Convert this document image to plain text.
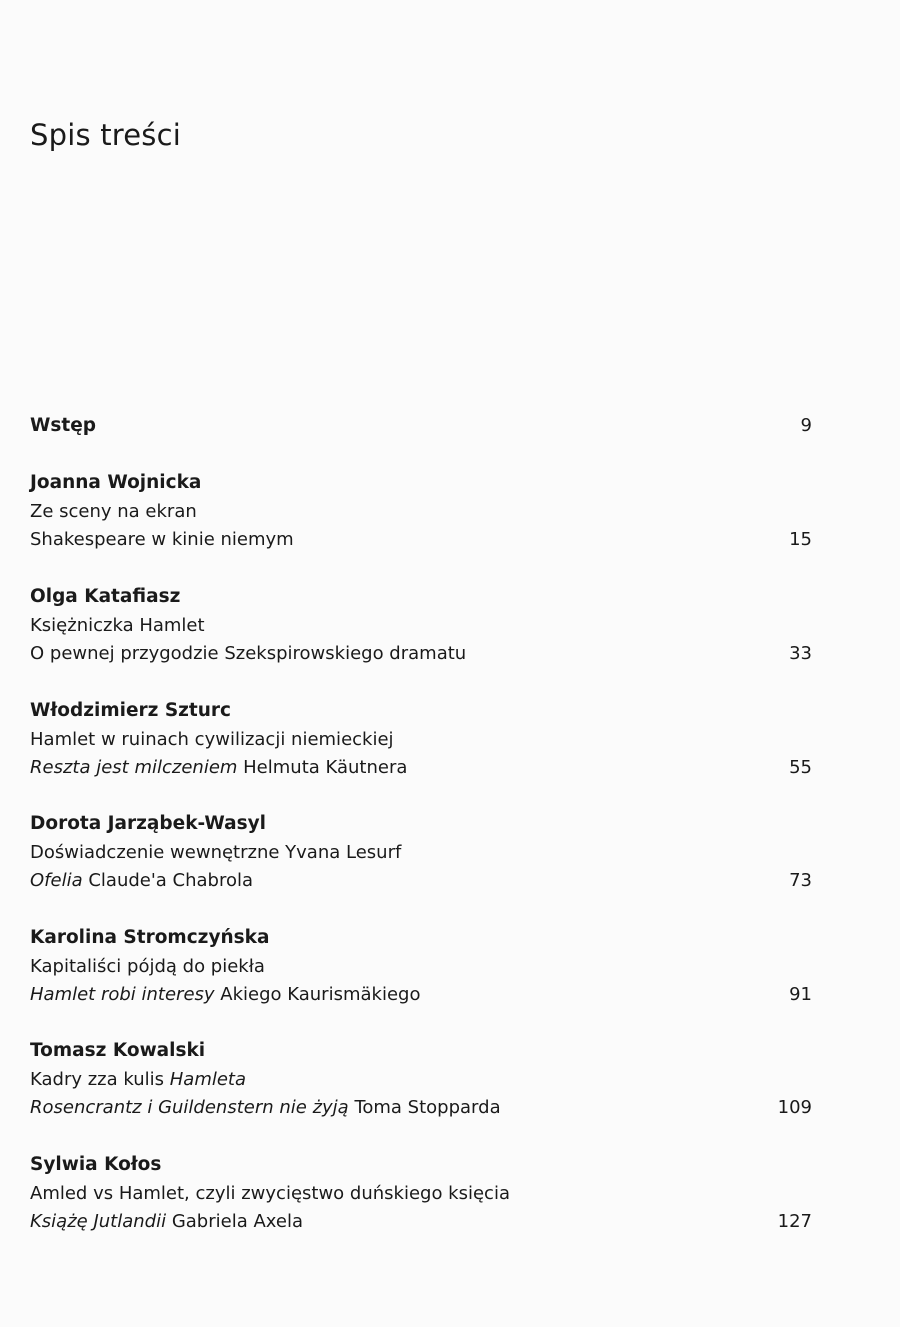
Spis treści
Wstęp	9
Joanna Wojnicka
Ze sceny na ekran
Shakespeare w kinie niemym	15
Olga Katafiasz
Księżniczka Hamlet
O pewnej przygodzie Szekspirowskiego dramatu	33
Włodzimierz Szturc
Hamlet w ruinach cywilizacji niemieckiej
Reszta jest milczeniem Helmuta Käutnera	55
Dorota Jarząbek-Wasyl
Doświadczenie wewnętrzne Yvana Lesurf
Ofelia Claude'a Chabrola	73
Karolina Stromczyńska
Kapitaliści pójdą do piekła
Hamlet robi interesy Akiego Kaurismäkiego	91
Tomasz Kowalski
Kadry zza kulis Hamleta
Rosencrantz i Guildenstern nie żyją Toma Stopparda	109
Sylwia Kołos
Amled vs Hamlet, czyli zwycięstwo duńskiego księcia
Książę Jutlandii Gabriela Axela	127
